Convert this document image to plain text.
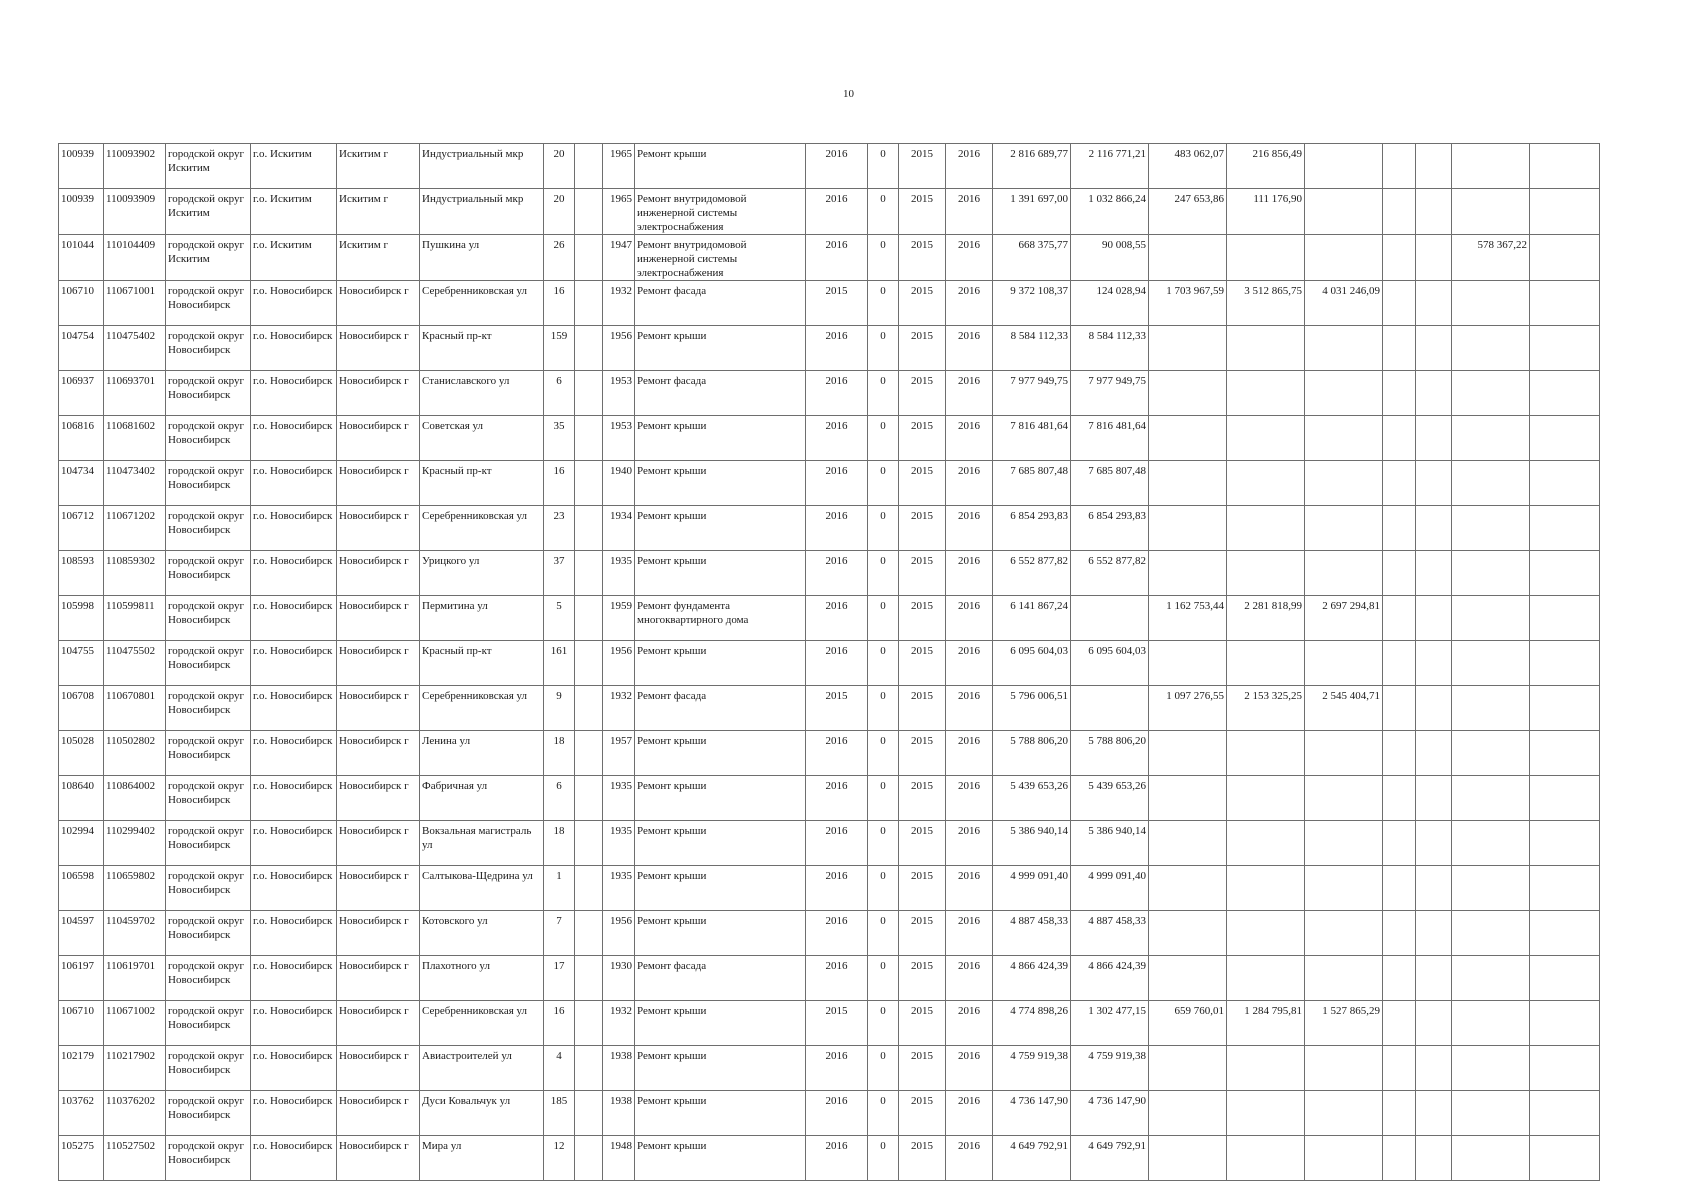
10
100939	110093902	городской округ Искитим	г.о. Искитим	Искитим г	Индустриальный мкр	20		1965	Ремонт крыши	2016	0	2015	2016	2 816 689,77	2 116 771,21	483 062,07	216 856,49					
100939	110093909	городской округ Искитим	г.о. Искитим	Искитим г	Индустриальный мкр	20		1965	Ремонт внутридомовой инженерной системы электроснабжения	2016	0	2015	2016	1 391 697,00	1 032 866,24	247 653,86	111 176,90					
101044	110104409	городской округ Искитим	г.о. Искитим	Искитим г	Пушкина ул	26		1947	Ремонт внутридомовой инженерной системы электроснабжения	2016	0	2015	2016	668 375,77	90 008,55						578 367,22	
106710	110671001	городской округ Новосибирск	г.о. Новосибирск	Новосибирск г	Серебренниковская ул	16		1932	Ремонт фасада	2015	0	2015	2016	9 372 108,37	124 028,94	1 703 967,59	3 512 865,75	4 031 246,09				
104754	110475402	городской округ Новосибирск	г.о. Новосибирск	Новосибирск г	Красный пр-кт	159		1956	Ремонт крыши	2016	0	2015	2016	8 584 112,33	8 584 112,33							
106937	110693701	городской округ Новосибирск	г.о. Новосибирск	Новосибирск г	Станиславского ул	6		1953	Ремонт фасада	2016	0	2015	2016	7 977 949,75	7 977 949,75							
106816	110681602	городской округ Новосибирск	г.о. Новосибирск	Новосибирск г	Советская ул	35		1953	Ремонт крыши	2016	0	2015	2016	7 816 481,64	7 816 481,64							
104734	110473402	городской округ Новосибирск	г.о. Новосибирск	Новосибирск г	Красный пр-кт	16		1940	Ремонт крыши	2016	0	2015	2016	7 685 807,48	7 685 807,48							
106712	110671202	городской округ Новосибирск	г.о. Новосибирск	Новосибирск г	Серебренниковская ул	23		1934	Ремонт крыши	2016	0	2015	2016	6 854 293,83	6 854 293,83							
108593	110859302	городской округ Новосибирск	г.о. Новосибирск	Новосибирск г	Урицкого ул	37		1935	Ремонт крыши	2016	0	2015	2016	6 552 877,82	6 552 877,82							
105998	110599811	городской округ Новосибирск	г.о. Новосибирск	Новосибирск г	Пермитина ул	5		1959	Ремонт фундамента многоквартирного дома	2016	0	2015	2016	6 141 867,24		1 162 753,44	2 281 818,99	2 697 294,81				
104755	110475502	городской округ Новосибирск	г.о. Новосибирск	Новосибирск г	Красный пр-кт	161		1956	Ремонт крыши	2016	0	2015	2016	6 095 604,03	6 095 604,03							
106708	110670801	городской округ Новосибирск	г.о. Новосибирск	Новосибирск г	Серебренниковская ул	9		1932	Ремонт фасада	2015	0	2015	2016	5 796 006,51		1 097 276,55	2 153 325,25	2 545 404,71				
105028	110502802	городской округ Новосибирск	г.о. Новосибирск	Новосибирск г	Ленина ул	18		1957	Ремонт крыши	2016	0	2015	2016	5 788 806,20	5 788 806,20							
108640	110864002	городской округ Новосибирск	г.о. Новосибирск	Новосибирск г	Фабричная ул	6		1935	Ремонт крыши	2016	0	2015	2016	5 439 653,26	5 439 653,26							
102994	110299402	городской округ Новосибирск	г.о. Новосибирск	Новосибирск г	Вокзальная магистраль ул	18		1935	Ремонт крыши	2016	0	2015	2016	5 386 940,14	5 386 940,14							
106598	110659802	городской округ Новосибирск	г.о. Новосибирск	Новосибирск г	Салтыкова-Щедрина ул	1		1935	Ремонт крыши	2016	0	2015	2016	4 999 091,40	4 999 091,40							
104597	110459702	городской округ Новосибирск	г.о. Новосибирск	Новосибирск г	Котовского ул	7		1956	Ремонт крыши	2016	0	2015	2016	4 887 458,33	4 887 458,33							
106197	110619701	городской округ Новосибирск	г.о. Новосибирск	Новосибирск г	Плахотного ул	17		1930	Ремонт фасада	2016	0	2015	2016	4 866 424,39	4 866 424,39							
106710	110671002	городской округ Новосибирск	г.о. Новосибирск	Новосибирск г	Серебренниковская ул	16		1932	Ремонт крыши	2015	0	2015	2016	4 774 898,26	1 302 477,15	659 760,01	1 284 795,81	1 527 865,29				
102179	110217902	городской округ Новосибирск	г.о. Новосибирск	Новосибирск г	Авиастроителей ул	4		1938	Ремонт крыши	2016	0	2015	2016	4 759 919,38	4 759 919,38							
103762	110376202	городской округ Новосибирск	г.о. Новосибирск	Новосибирск г	Дуси Ковальчук ул	185		1938	Ремонт крыши	2016	0	2015	2016	4 736 147,90	4 736 147,90							
105275	110527502	городской округ Новосибирск	г.о. Новосибирск	Новосибирск г	Мира ул	12		1948	Ремонт крыши	2016	0	2015	2016	4 649 792,91	4 649 792,91							
